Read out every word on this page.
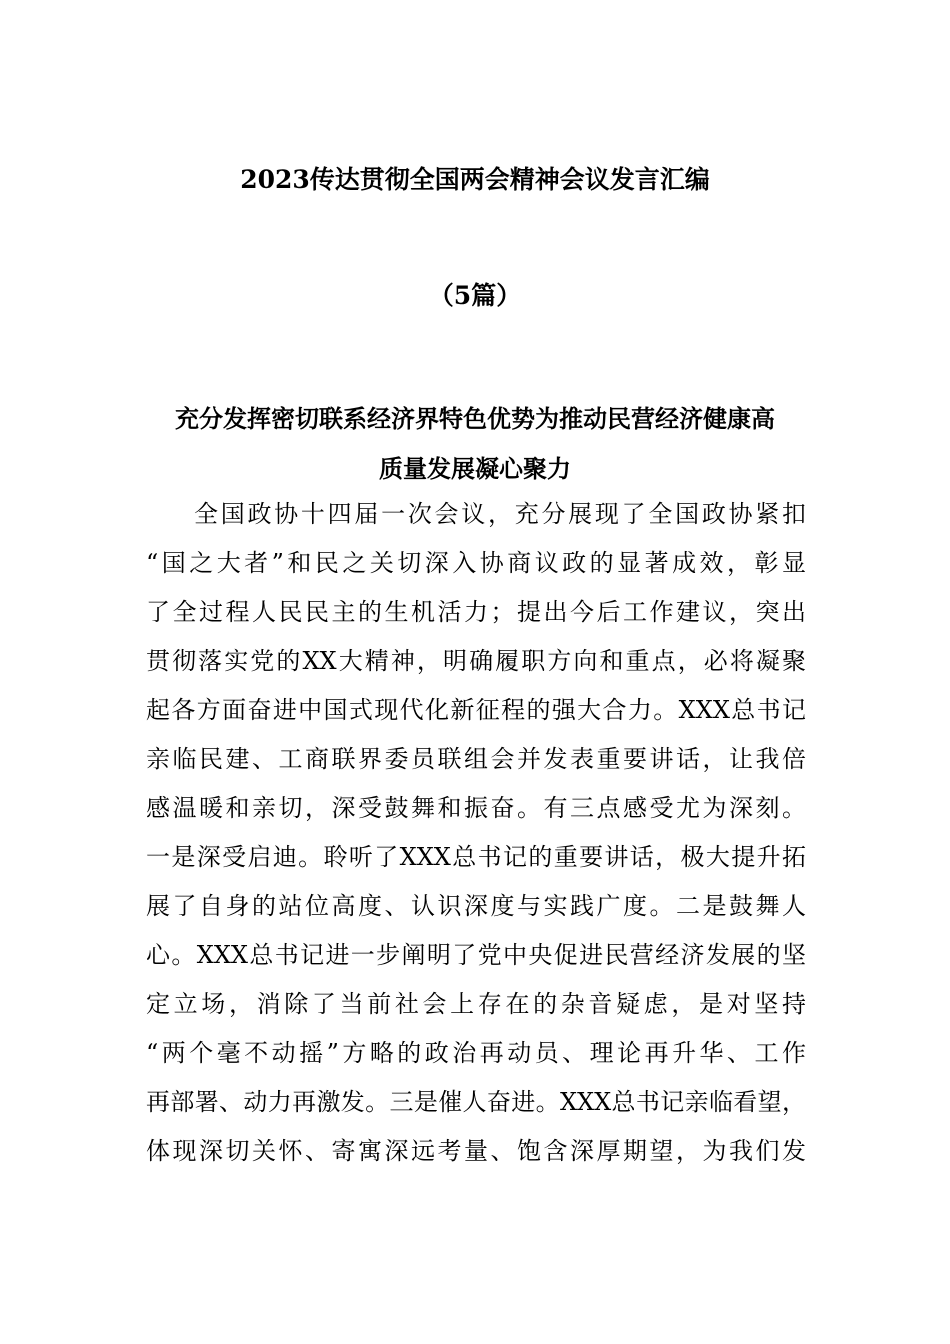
2023传达贯彻全国两会精神会议发言汇编
（5篇）
充分发挥密切联系经济界特色优势为推动民营经济健康高
质量发展凝心聚力
全国政协十四届一次会议，充分展现了全国政协紧扣
“国之大者”和民之关切深入协商议政的显著成效，彰显
了全过程人民民主的生机活力；提出今后工作建议，突出
贯彻落实党的XX大精神，明确履职方向和重点，必将凝聚
起各方面奋进中国式现代化新征程的强大合力。XXX总书记
亲临民建、工商联界委员联组会并发表重要讲话，让我倍
感温暖和亲切，深受鼓舞和振奋。有三点感受尤为深刻。
一是深受启迪。聆听了XXX总书记的重要讲话，极大提升拓
展了自身的站位高度、认识深度与实践广度。二是鼓舞人
心。XXX总书记进一步阐明了党中央促进民营经济发展的坚
定立场，消除了当前社会上存在的杂音疑虑，是对坚持
“两个毫不动摇”方略的政治再动员、理论再升华、工作
再部署、动力再激发。三是催人奋进。XXX总书记亲临看望，
体现深切关怀、寄寓深远考量、饱含深厚期望，为我们发
